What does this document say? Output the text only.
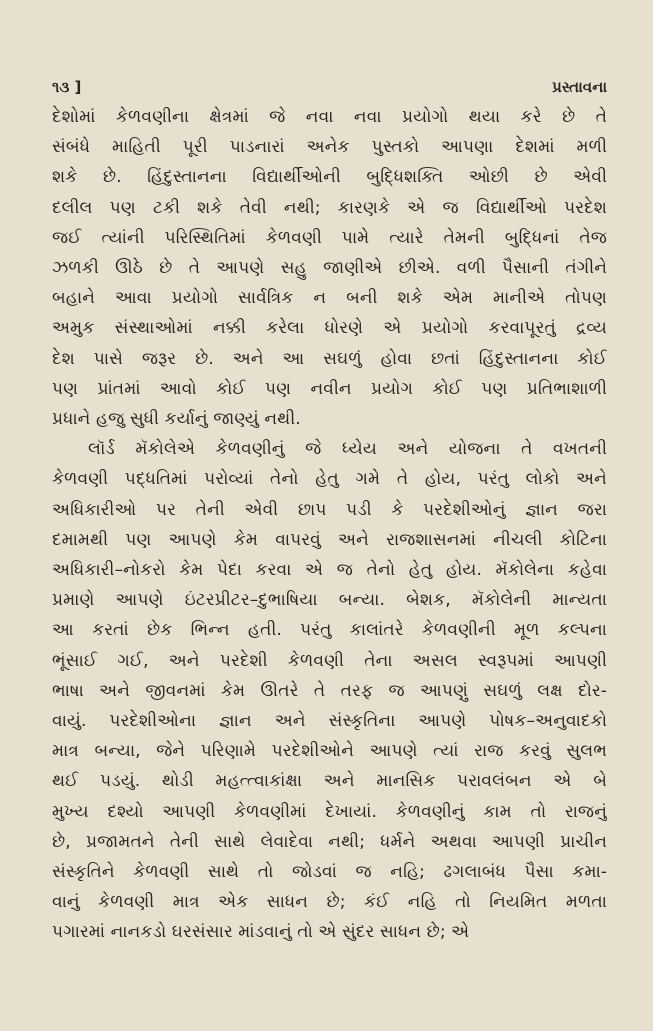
૧૩ ]	પ્રસ્તાવના
દેશોમાં કેળવણીના ક્ષેત્રમાં જે નવા નવા પ્રયોગો થયા કરે છે તે
સંબંધે માહિતી પૂરી પાડનારાં અનેક પુસ્તકો આપણા દેશમાં મળી
શકે છે. હિંદુસ્તાનના વિદ્યાર્થીઓની બુદ્ધિશક્તિ ઓછી છે એવી
દલીલ પણ ટકી શકે તેવી નથી; કારણકે એ જ વિદ્યાર્થીઓ પરદેશ
જઈ ત્યાંની પરિસ્થિતિમાં કેળવણી પામે ત્યારે તેમની બુદ્ધિનાં તેજ
ઝળકી ઊઠે છે તે આપણે સહુ જાણીએ છીએ. વળી પૈસાની તંગીને
બહાને આવા પ્રયોગો સાર્વત્રિક ન બની શકે એમ માનીએ તોપણ
અમુક સંસ્થાઓમાં નક્કી કરેલા ધોરણે એ પ્રયોગો કરવાપૂરતું દ્રવ્ય
દેશ પાસે જરૂર છે. અને આ સઘળું હોવા છતાં હિંદુસ્તાનના કોઈ
પણ પ્રાંતમાં આવો કોઈ પણ નવીન પ્રયોગ કોઈ પણ પ્રતિભાશાળી
પ્રધાને હજુ સુધી કર્યાનું જાણ્યું નથી.
લૉર્ડ મૅકોલેએ કેળવણીનું જે ધ્યેય અને યોજના તે વખતની
કેળવણી પદ્ધતિમાં પરોવ્યાં તેનો હેતુ ગમે તે હોય, પરંતુ લોકો અને
અધિકારીઓ પર તેની એવી છાપ પડી કે પરદેશીઓનું જ્ઞાન જરા
દમામથી પણ આપણે કેમ વાપરવું અને રાજશાસનમાં નીચલી કોટિના
અધિકારી–નોકરો કેમ પેદા કરવા એ જ તેનો હેતુ હોય. મૅકોલેના કહેવા
પ્રમાણે આપણે ઇંટરપ્રીટર–દુભાષિયા બન્યા. બેશક, મૅકોલેની માન્યતા
આ કરતાં છેક ભિન્ન હતી. પરંતુ કાલાંતરે કેળવણીની મૂળ કલ્પના
ભૂંસાઈ ગઈ, અને પરદેશી કેળવણી તેના અસલ સ્વરૂપમાં આપણી
ભાષા અને જીવનમાં કેમ ઊતરે તે તરફ જ આપણું સઘળું લક્ષ દોર-
વાયું. પરદેશીઓના જ્ઞાન અને સંસ્કૃતિના આપણે પોષક–અનુવાદકો
માત્ર બન્યા, જેને પરિણામે પરદેશીઓને આપણે ત્યાં રાજ કરવું સુલભ
થઈ પડયું. થોડી મહત્ત્વાકાંક્ષા અને માનસિક પરાવલંબન એ બે
મુખ્ય દશ્યો આપણી કેળવણીમાં દેખાયાં. કેળવણીનું કામ તો રાજનું
છે, પ્રજામતને તેની સાથે લેવાદેવા નથી; ધર્મને અથવા આપણી પ્રાચીન
સંસ્કૃતિને કેળવણી સાથે તો જોડવાં જ નહિ; ઢગલાબંધ પૈસા કમા-
વાનું કેળવણી માત્ર એક સાધન છે; કંઈ નહિ તો નિયમિત મળતા
પગારમાં નાનકડો ઘરસંસાર માંડવાનું તો એ સુંદર સાધન છે; એ
